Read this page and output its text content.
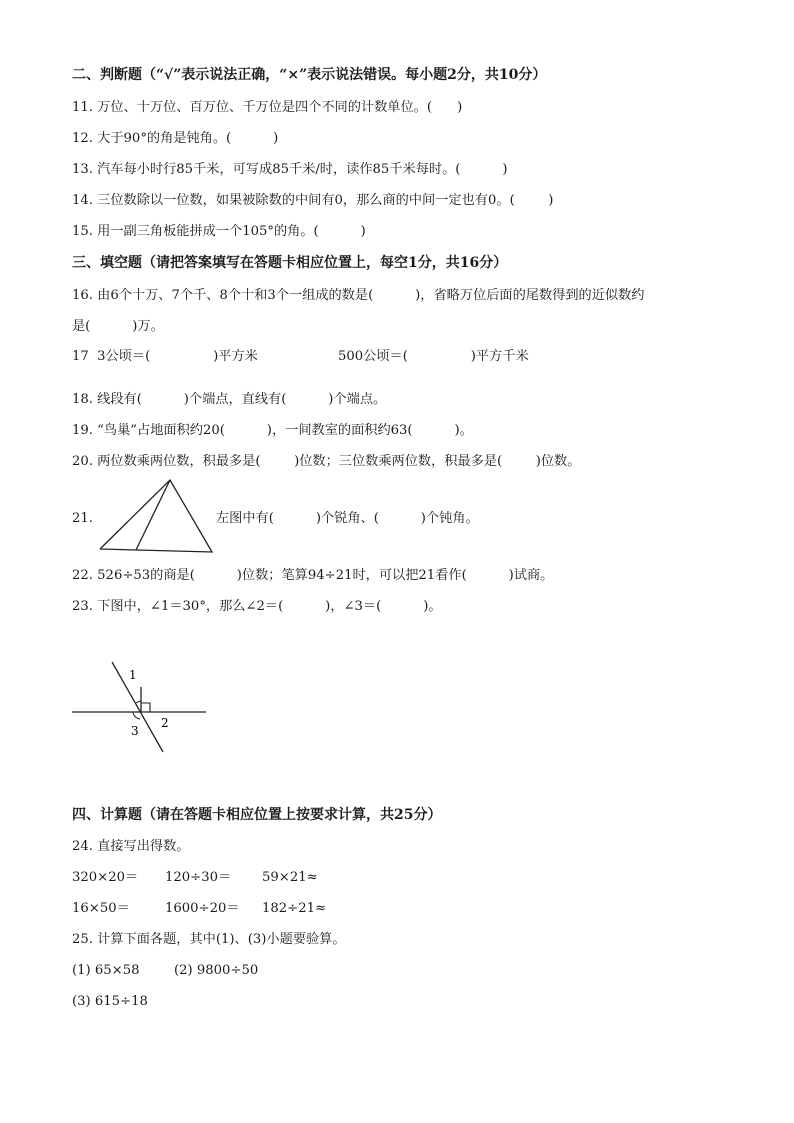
二、判断题（“√”表示说法正确，“×”表示说法错误。每小题2分，共10分）
11. 万位、十万位、百万位、千万位是四个不同的计数单位。(      )
12. 大于90°的角是钝角。(          )
13. 汽车每小时行85千米，可写成85千米/时，读作85千米每时。(          )
14. 三位数除以一位数，如果被除数的中间有0，那么商的中间一定也有0。(        )
15. 用一副三角板能拼成一个105°的角。(          )
三、填空题（请把答案填写在答题卡相应位置上，每空1分，共16分）
16. 由6个十万、7个千、8个十和3个一组成的数是(          )，省略万位后面的尾数得到的近似数约
是(          )万。
17  3公顷＝(               )平方米	500公顷＝(               )平方千米
18. 线段有(          )个端点，直线有(          )个端点。
19. “鸟巢”占地面积约20(          )，一间教室的面积约63(          )。
20. 两位数乘两位数，积最多是(        )位数；三位数乘两位数，积最多是(        )位数。
21.	左图中有(          )个锐角、(          )个钝角。
22. 526÷53的商是(          )位数；笔算94÷21时，可以把21看作(          )试商。
23. 下图中，∠1＝30°，那么∠2＝(          )，∠3＝(          )。
1
2
3
四、计算题（请在答题卡相应位置上按要求计算，共25分）
24. 直接写出得数。
320×20＝ 120÷30＝ 59×21≈
16×50＝	1600÷20＝ 182÷21≈
25. 计算下面各题，其中(1)、(3)小题要验算。
(1) 65×58	(2) 9800÷50
(3) 615÷18
